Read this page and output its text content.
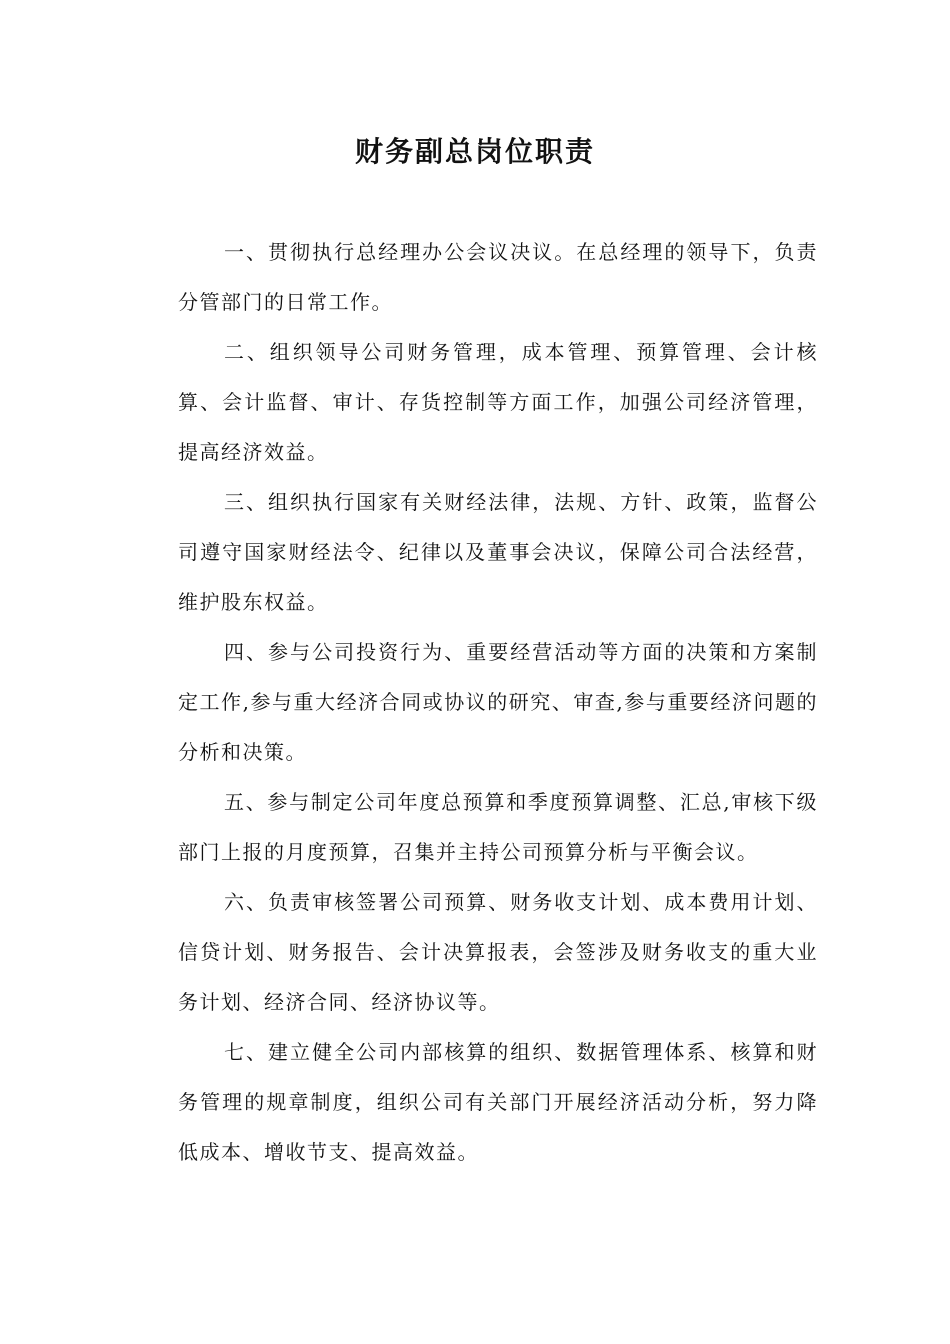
财务副总岗位职责

一、贯彻执行总经理办公会议决议。在总经理的领导下，负责分管部门的日常工作。

二、组织领导公司财务管理，成本管理、预算管理、会计核算、会计监督、审计、存货控制等方面工作，加强公司经济管理，提高经济效益。

三、组织执行国家有关财经法律，法规、方针、政策，监督公司遵守国家财经法令、纪律以及董事会决议，保障公司合法经营，维护股东权益。

四、参与公司投资行为、重要经营活动等方面的决策和方案制定工作,参与重大经济合同或协议的研究、审查,参与重要经济问题的分析和决策。

五、参与制定公司年度总预算和季度预算调整、汇总,审核下级部门上报的月度预算，召集并主持公司预算分析与平衡会议。

六、负责审核签署公司预算、财务收支计划、成本费用计划、信贷计划、财务报告、会计决算报表，会签涉及财务收支的重大业务计划、经济合同、经济协议等。

七、建立健全公司内部核算的组织、数据管理体系、核算和财务管理的规章制度，组织公司有关部门开展经济活动分析，努力降低成本、增收节支、提高效益。
